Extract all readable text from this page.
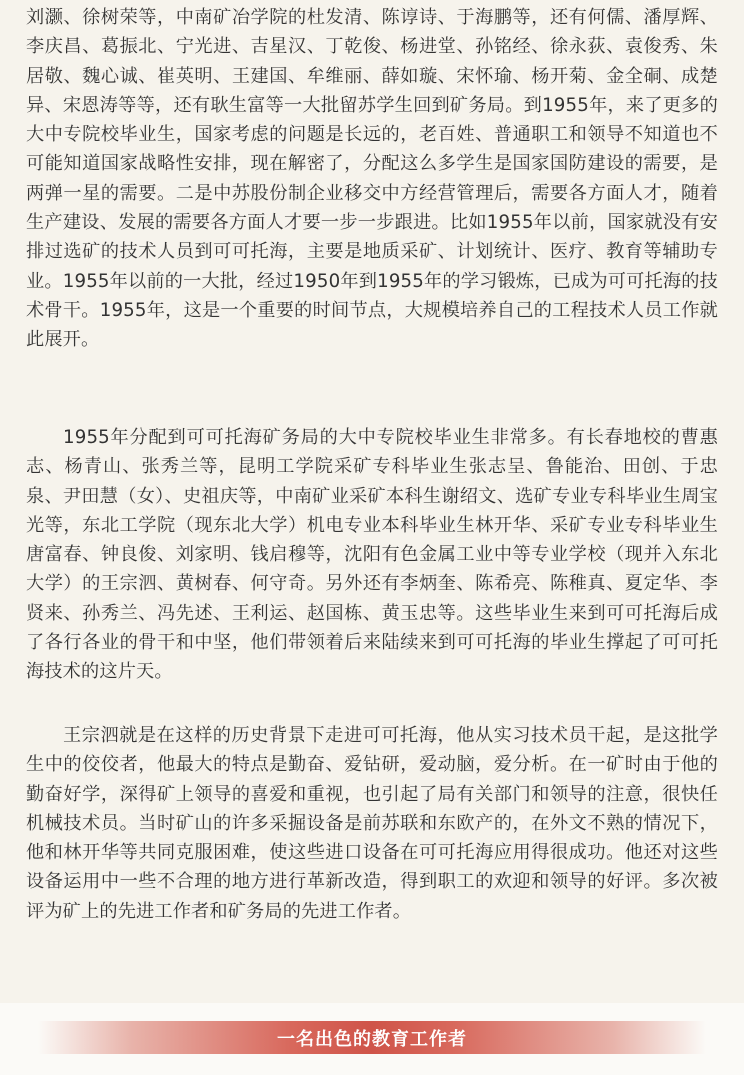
刘灏、徐树荣等，中南矿冶学院的杜发清、陈谆诗、于海鹏等，还有何儒、潘厚辉、李庆昌、葛振北、宁光进、吉星汉、丁乾俊、杨进堂、孙铭经、徐永荻、袁俊秀、朱居敬、魏心诚、崔英明、王建国、牟维丽、薛如璇、宋怀瑜、杨开菊、金全硐、成楚异、宋恩涛等等，还有耿生富等一大批留苏学生回到矿务局。到1955年，来了更多的大中专院校毕业生，国家考虑的问题是长远的，老百姓、普通职工和领导不知道也不可能知道国家战略性安排，现在解密了，分配这么多学生是国家国防建设的需要，是两弹一星的需要。二是中苏股份制企业移交中方经营管理后，需要各方面人才，随着生产建设、发展的需要各方面人才要一步一步跟进。比如1955年以前，国家就没有安排过选矿的技术人员到可可托海，主要是地质采矿、计划统计、医疗、教育等辅助专业。1955年以前的一大批，经过1950年到1955年的学习锻炼，已成为可可托海的技术骨干。1955年，这是一个重要的时间节点，大规模培养自己的工程技术人员工作就此展开。

1955年分配到可可托海矿务局的大中专院校毕业生非常多。有长春地校的曹惠志、杨青山、张秀兰等，昆明工学院采矿专科毕业生张志呈、鲁能治、田创、于忠泉、尹田慧（女）、史祖庆等，中南矿业采矿本科生谢绍文、选矿专业专科毕业生周宝光等，东北工学院（现东北大学）机电专业本科毕业生林开华、采矿专业专科毕业生唐富春、钟良俊、刘家明、钱启穆等，沈阳有色金属工业中等专业学校（现并入东北大学）的王宗泗、黄树春、何守奇。另外还有李炳奎、陈希亮、陈稚真、夏定华、李贤来、孙秀兰、冯先述、王利运、赵国栋、黄玉忠等。这些毕业生来到可可托海后成了各行各业的骨干和中坚，他们带领着后来陆续来到可可托海的毕业生撑起了可可托海技术的这片天。

王宗泗就是在这样的历史背景下走进可可托海，他从实习技术员干起，是这批学生中的佼佼者，他最大的特点是勤奋、爱钻研，爱动脑，爱分析。在一矿时由于他的勤奋好学，深得矿上领导的喜爱和重视，也引起了局有关部门和领导的注意，很快任机械技术员。当时矿山的许多采掘设备是前苏联和东欧产的，在外文不熟的情况下，他和林开华等共同克服困难，使这些进口设备在可可托海应用得很成功。他还对这些设备运用中一些不合理的地方进行革新改造，得到职工的欢迎和领导的好评。多次被评为矿上的先进工作者和矿务局的先进工作者。

一名出色的教育工作者
